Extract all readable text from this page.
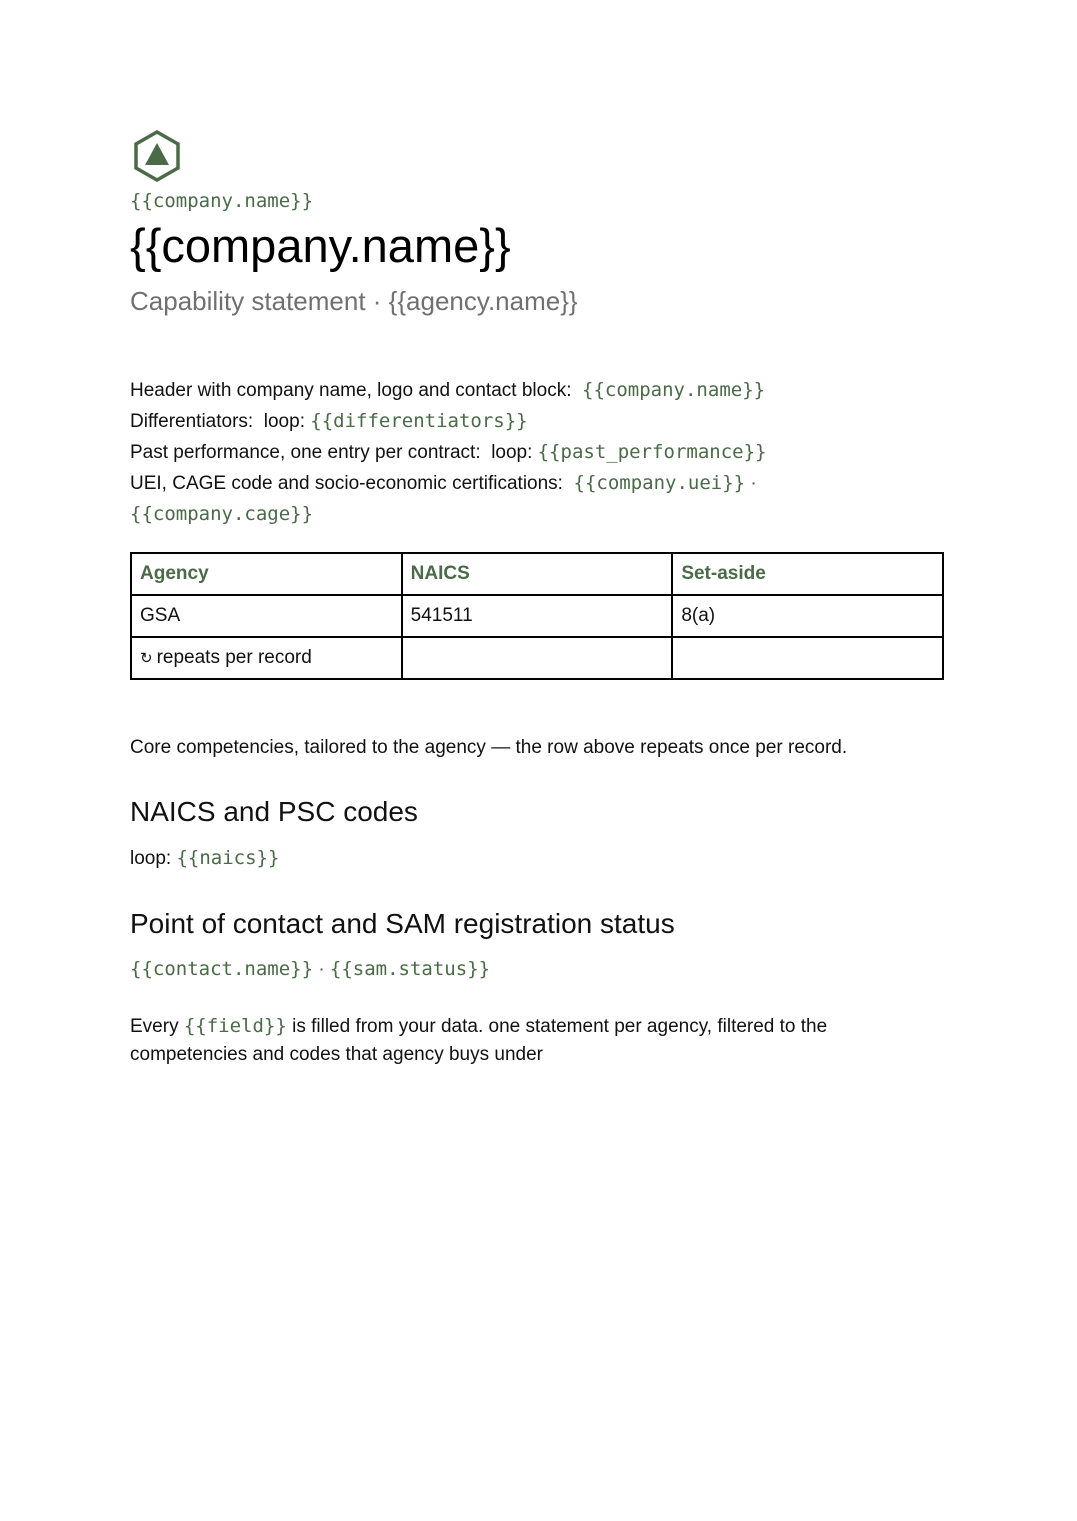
{{company.name}}
{{company.name}}
Capability statement · {{agency.name}}
Header with company name, logo and contact block: {{company.name}}
Differentiators: loop: {{differentiators}}
Past performance, one entry per contract: loop: {{past_performance}}
UEI, CAGE code and socio-economic certifications: {{company.uei}} ·
{{company.cage}}
Agency	NAICS	Set-aside
GSA	541511	8(a)
↻ repeats per record		

Core competencies, tailored to the agency — the row above repeats once per record.

NAICS and PSC codes

loop: {{naics}}

Point of contact and SAM registration status

{{contact.name}} · {{sam.status}}

Every {{field}} is filled from your data. one statement per agency, filtered to the competencies and codes that agency buys under
